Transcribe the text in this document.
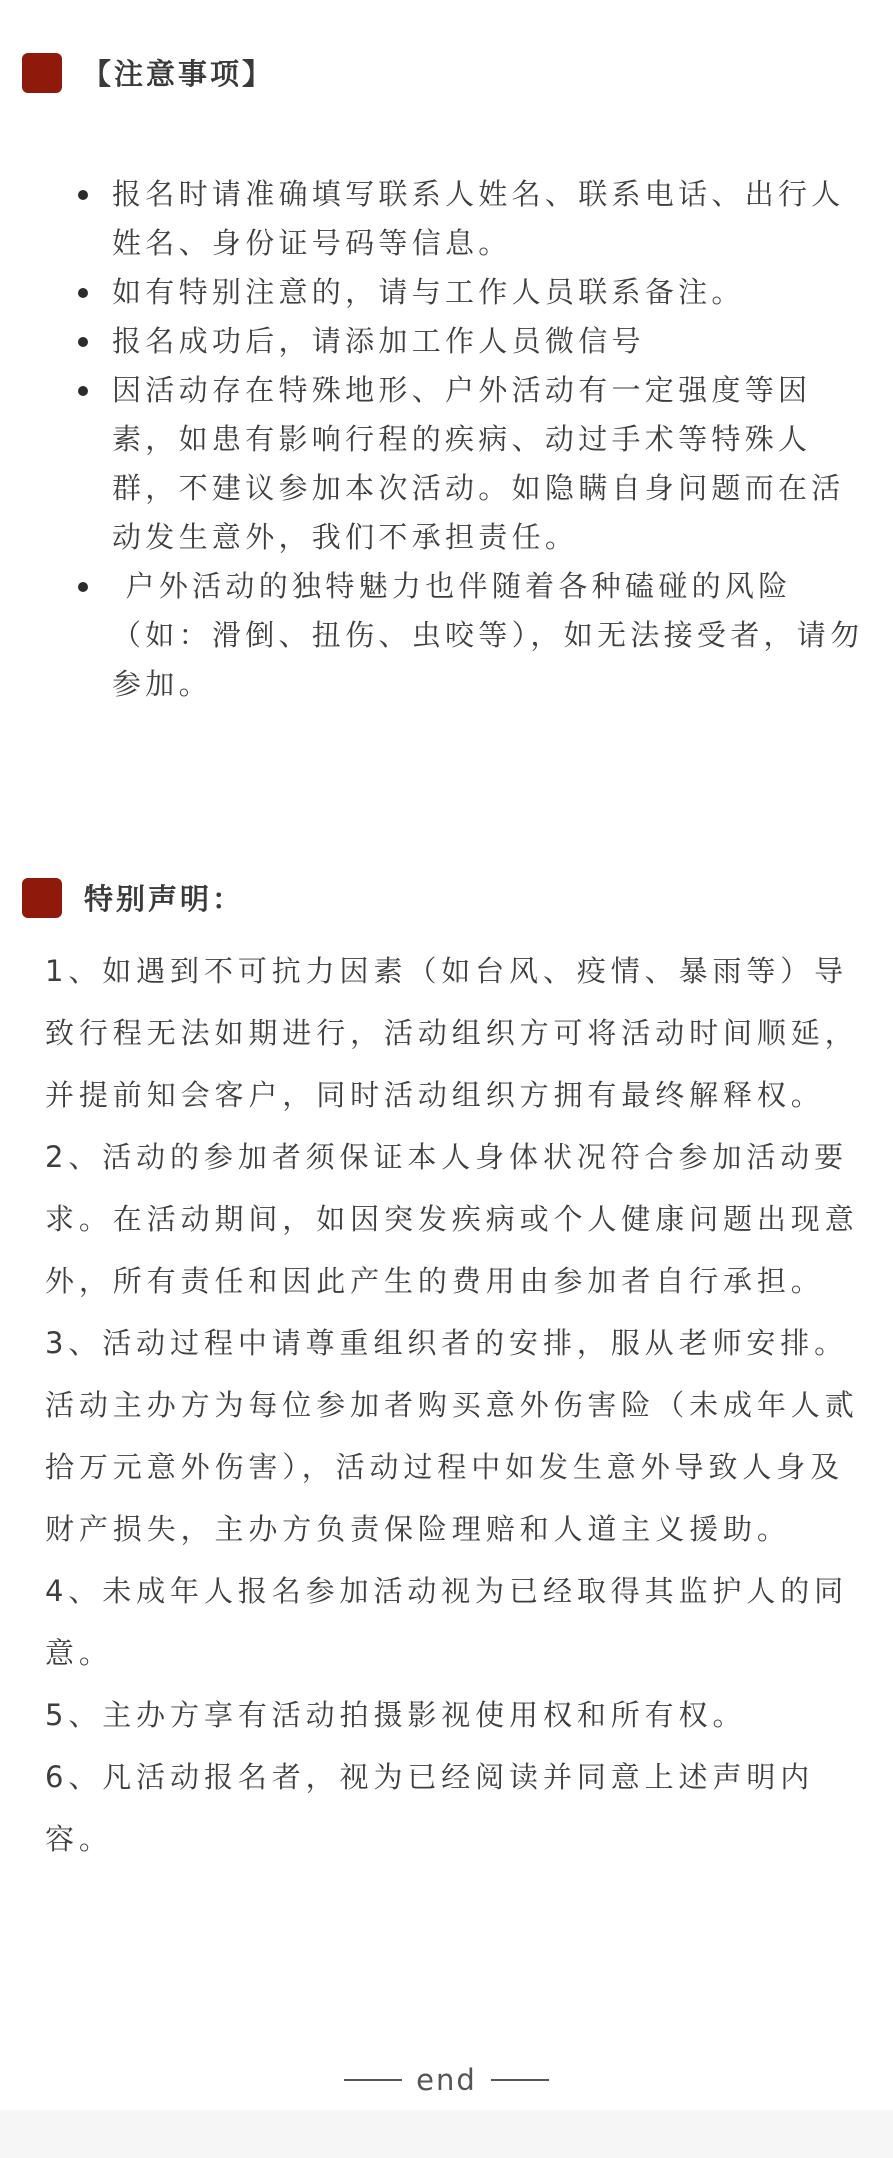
【注意事项】
报名时请准确填写联系人姓名、联系电话、出行人姓名、身份证号码等信息。
如有特别注意的，请与工作人员联系备注。
报名成功后，请添加工作人员微信号
因活动存在特殊地形、户外活动有一定强度等因素，如患有影响行程的疾病、动过手术等特殊人群，不建议参加本次活动。如隐瞒自身问题而在活动发生意外，我们不承担责任。
户外活动的独特魅力也伴随着各种磕碰的风险（如：滑倒、扭伤、虫咬等），如无法接受者，请勿参加。
特别声明：

1、如遇到不可抗力因素（如台风、疫情、暴雨等）导致行程无法如期进行，活动组织方可将活动时间顺延，并提前知会客户，同时活动组织方拥有最终解释权。

2、活动的参加者须保证本人身体状况符合参加活动要求。在活动期间，如因突发疾病或个人健康问题出现意外，所有责任和因此产生的费用由参加者自行承担。

3、活动过程中请尊重组织者的安排，服从老师安排。活动主办方为每位参加者购买意外伤害险（未成年人贰拾万元意外伤害），活动过程中如发生意外导致人身及财产损失，主办方负责保险理赔和人道主义援助。

4、未成年人报名参加活动视为已经取得其监护人的同意。

5、主办方享有活动拍摄影视使用权和所有权。

6、凡活动报名者，视为已经阅读并同意上述声明内容。

end
